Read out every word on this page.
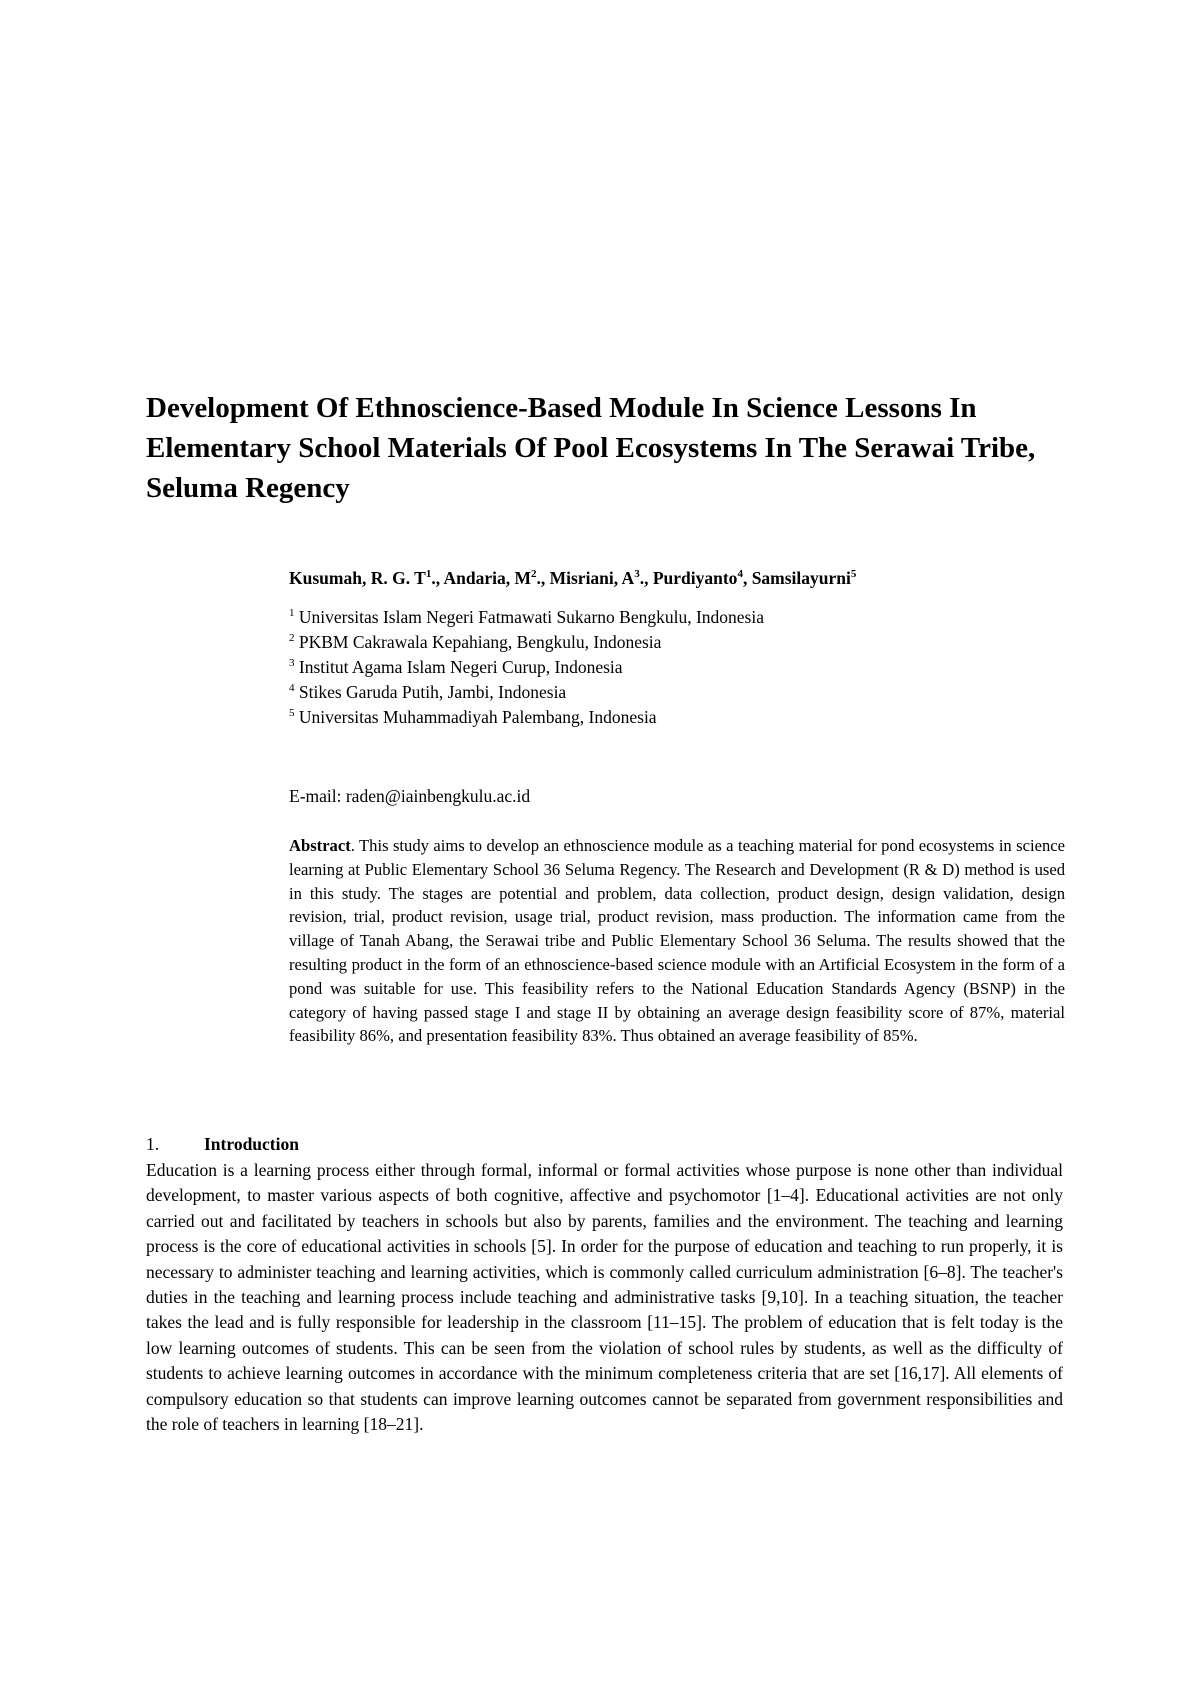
Development Of Ethnoscience-Based Module In Science Lessons In Elementary School Materials Of Pool Ecosystems In The Serawai Tribe, Seluma Regency
Kusumah, R. G. $T^1$., Andaria, $M^2$., Misriani, $A^3$., Purdiyanto$^4$, Samsilayurni$^5$
$^1$ Universitas Islam Negeri Fatmawati Sukarno Bengkulu, Indonesia
$^2$ PKBM Cakrawala Kepahiang, Bengkulu, Indonesia
$^3$ Institut Agama Islam Negeri Curup, Indonesia
$^4$ Stikes Garuda Putih, Jambi, Indonesia
$^5$ Universitas Muhammadiyah Palembang, Indonesia
E-mail: raden@iainbengkulu.ac.id

Abstract. This study aims to develop an ethnoscience module as a teaching material for pond ecosystems in science learning at Public Elementary School 36 Seluma Regency. The Research and Development (R & D) method is used in this study. The stages are potential and problem, data collection, product design, design validation, design revision, trial, product revision, usage trial, product revision, mass production. The information came from the village of Tanah Abang, the Serawai tribe and Public Elementary School 36 Seluma. The results showed that the resulting product in the form of an ethnoscience-based science module with an Artificial Ecosystem in the form of a pond was suitable for use. This feasibility refers to the National Education Standards Agency (BSNP) in the category of having passed stage I and stage II by obtaining an average design feasibility score of 87%, material feasibility 86%, and presentation feasibility 83%. Thus obtained an average feasibility of 85%.

1.	Introduction

Education is a learning process either through formal, informal or formal activities whose purpose is none other than individual development, to master various aspects of both cognitive, affective and psychomotor [1–4]. Educational activities are not only carried out and facilitated by teachers in schools but also by parents, families and the environment. The teaching and learning process is the core of educational activities in schools [5]. In order for the purpose of education and teaching to run properly, it is necessary to administer teaching and learning activities, which is commonly called curriculum administration [6–8]. The teacher's duties in the teaching and learning process include teaching and administrative tasks [9,10]. In a teaching situation, the teacher takes the lead and is fully responsible for leadership in the classroom [11–15]. The problem of education that is felt today is the low learning outcomes of students. This can be seen from the violation of school rules by students, as well as the difficulty of students to achieve learning outcomes in accordance with the minimum completeness criteria that are set [16,17]. All elements of compulsory education so that students can improve learning outcomes cannot be separated from government responsibilities and the role of teachers in learning [18–21].
